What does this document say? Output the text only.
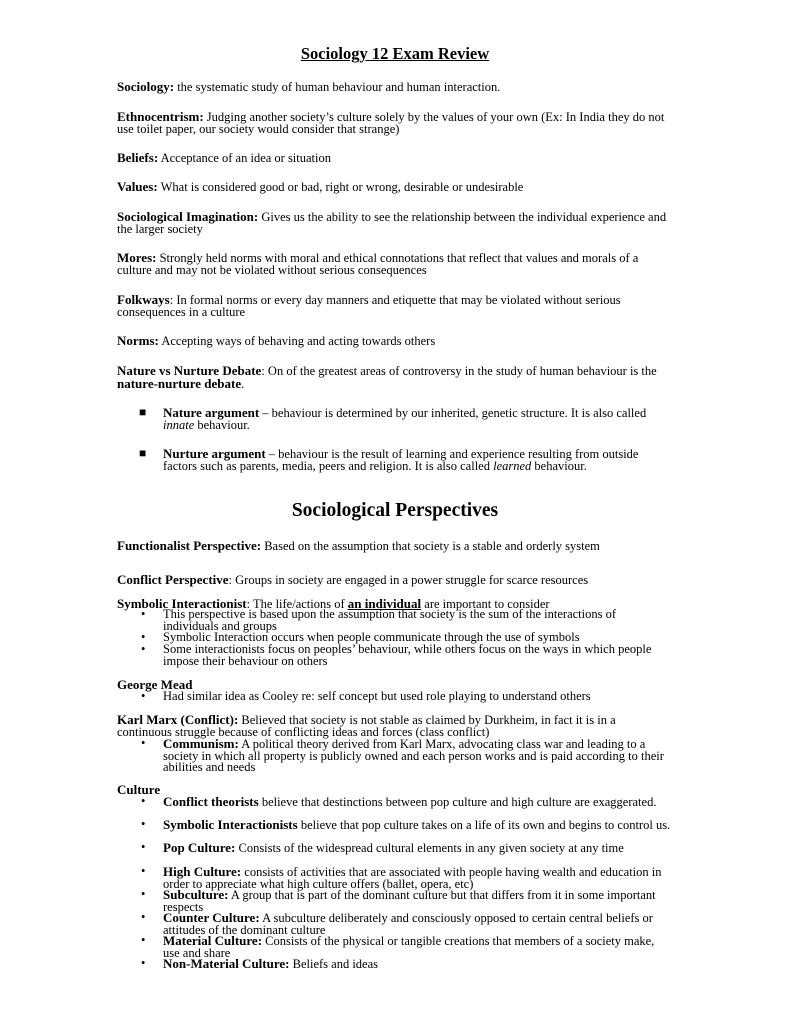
Sociology 12 Exam Review
Sociology: the systematic study of human behaviour and human interaction.
Ethnocentrism: Judging another society’s culture solely by the values of your own (Ex: In India they do not use toilet paper, our society would consider that strange)
Beliefs: Acceptance of an idea or situation
Values: What is considered good or bad, right or wrong, desirable or undesirable
Sociological Imagination: Gives us the ability to see the relationship between the individual experience and the larger society
Mores: Strongly held norms with moral and ethical connotations that reflect that values and morals of a culture and may not be violated without serious consequences
Folkways: In formal norms or every day manners and etiquette that may be violated without serious consequences in a culture
Norms: Accepting ways of behaving and acting towards others
Nature vs Nurture Debate: On of the greatest areas of controversy in the study of human behaviour is the nature-nurture debate.
■ Nature argument – behaviour is determined by our inherited, genetic structure. It is also called innate behaviour.
■ Nurture argument – behaviour is the result of learning and experience resulting from outside factors such as parents, media, peers and religion. It is also called learned behaviour.
Sociological Perspectives
Functionalist Perspective: Based on the assumption that society is a stable and orderly system
Conflict Perspective: Groups in society are engaged in a power struggle for scarce resources
Symbolic Interactionist: The life/actions of an individual are important to consider
• This perspective is based upon the assumption that society is the sum of the interactions of individuals and groups
• Symbolic Interaction occurs when people communicate through the use of symbols
• Some interactionists focus on peoples’ behaviour, while others focus on the ways in which people impose their behaviour on others
George Mead
• Had similar idea as Cooley re: self concept but used role playing to understand others
Karl Marx (Conflict): Believed that society is not stable as claimed by Durkheim, in fact it is in a continuous struggle because of conflicting ideas and forces (class conflict)
• Communism: A political theory derived from Karl Marx, advocating class war and leading to a society in which all property is publicly owned and each person works and is paid according to their abilities and needs
Culture
• Conflict theorists believe that destinctions between pop culture and high culture are exaggerated.
• Symbolic Interactionists believe that pop culture takes on a life of its own and begins to control us.
• Pop Culture: Consists of the widespread cultural elements in any given society at any time
• High Culture: consists of activities that are associated with people having wealth and education in order to appreciate what high culture offers (ballet, opera, etc)
• Subculture: A group that is part of the dominant culture but that differs from it in some important respects
• Counter Culture: A subculture deliberately and consciously opposed to certain central beliefs or attitudes of the dominant culture
• Material Culture: Consists of the physical or tangible creations that members of a society make, use and share
• Non-Material Culture: Beliefs and ideas
